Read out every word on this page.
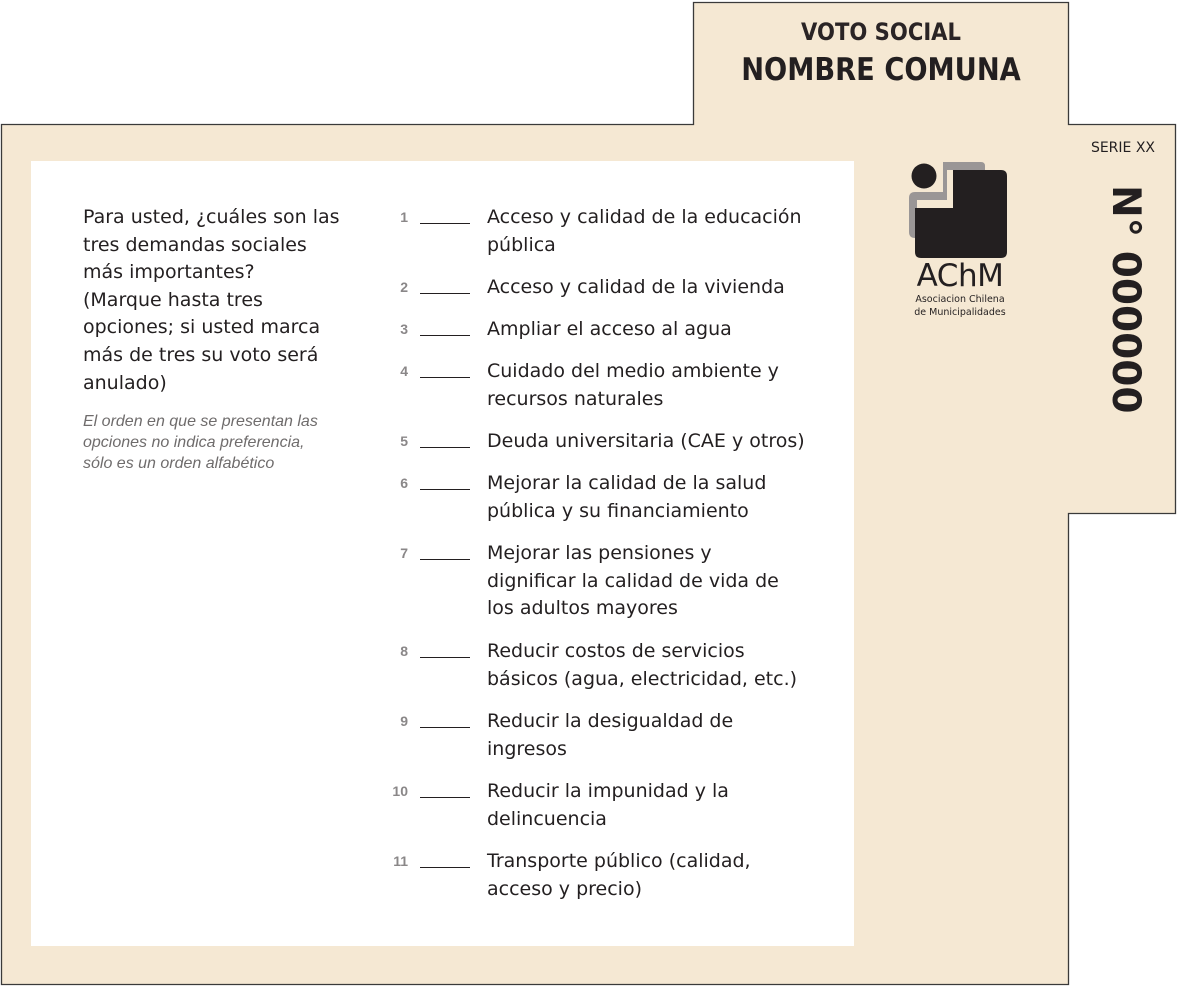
VOTO SOCIAL
NOMBRE COMUNA

Para usted, ¿cuáles son las

tres demandas sociales

más importantes?

(Marque hasta tres

opciones; si usted marca

más de tres su voto será

anulado)

El orden en que se presentan las
opciones no indica preferencia,
sólo es un orden alfabético
1	Acceso y calidad de la educación
pública
2	Acceso y calidad de la vivienda
3	Ampliar el acceso al agua
4	Cuidado del medio ambiente y
recursos naturales
5	Deuda universitaria (CAE y otros)
6	Mejorar la calidad de la salud
pública y su financiamiento
7	Mejorar las pensiones y
dignificar la calidad de vida de
los adultos mayores
8	Reducir costos de servicios
básicos (agua, electricidad, etc.)
9	Reducir la desigualdad de
ingresos
10	Reducir la impunidad y la
delincuencia
11	Transporte público (calidad,
acceso y precio)
AChM
Asociacion Chilena
de Municipalidades
SERIE XX
N° 000000
